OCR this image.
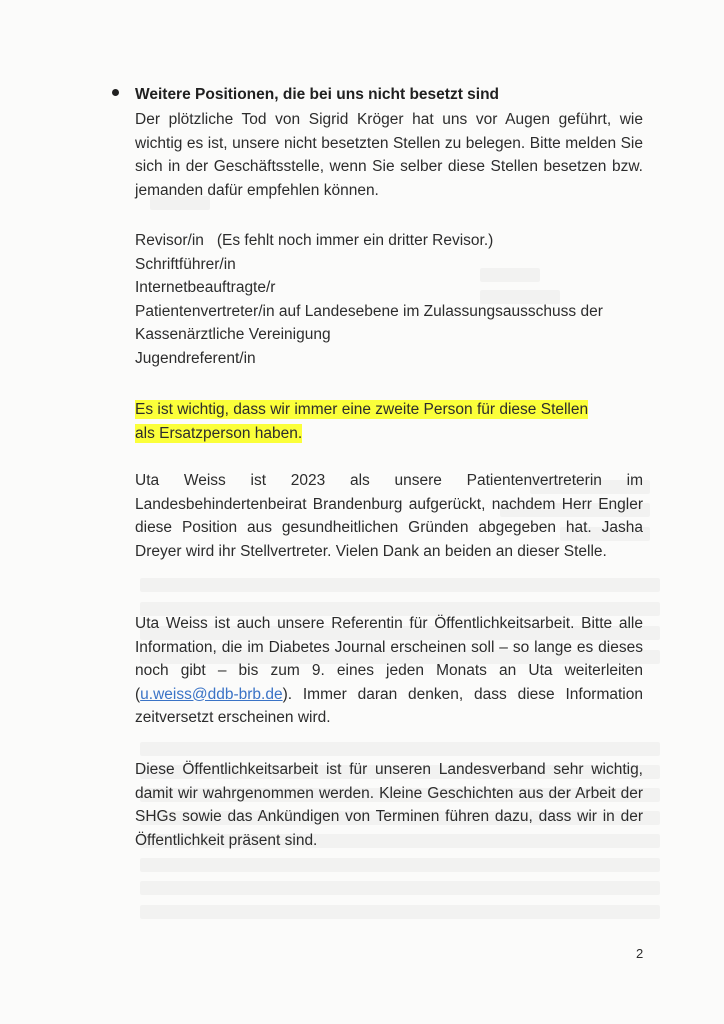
Weitere Positionen, die bei uns nicht besetzt sind

Der plötzliche Tod von Sigrid Kröger hat uns vor Augen geführt, wie wichtig es ist, unsere nicht besetzten Stellen zu belegen. Bitte melden Sie sich in der Geschäftsstelle, wenn Sie selber diese Stellen besetzen bzw. jemanden dafür empfehlen können.

Revisor/in   (Es fehlt noch immer ein dritter Revisor.)
Schriftführer/in
Internetbeauftragte/r
Patientenvertreter/in auf Landesebene im Zulassungsausschuss der
Kassenärztliche Vereinigung
Jugendreferent/in
Es ist wichtig, dass wir immer eine zweite Person für diese Stellen
als Ersatzperson haben.

Uta Weiss ist 2023 als unsere Patientenvertreterin im Landesbehindertenbeirat Brandenburg aufgerückt, nachdem Herr Engler diese Position aus gesundheitlichen Gründen abgegeben hat. Jasha Dreyer wird ihr Stellvertreter. Vielen Dank an beiden an dieser Stelle.

Uta Weiss ist auch unsere Referentin für Öffentlichkeitsarbeit. Bitte alle Information, die im Diabetes Journal erscheinen soll – so lange es dieses noch gibt – bis zum 9. eines jeden Monats an Uta weiterleiten (u.weiss@ddb-brb.de). Immer daran denken, dass diese Information zeitversetzt erscheinen wird.

Diese Öffentlichkeitsarbeit ist für unseren Landesverband sehr wichtig, damit wir wahrgenommen werden. Kleine Geschichten aus der Arbeit der SHGs sowie das Ankündigen von Terminen führen dazu, dass wir in der Öffentlichkeit präsent sind.

2
